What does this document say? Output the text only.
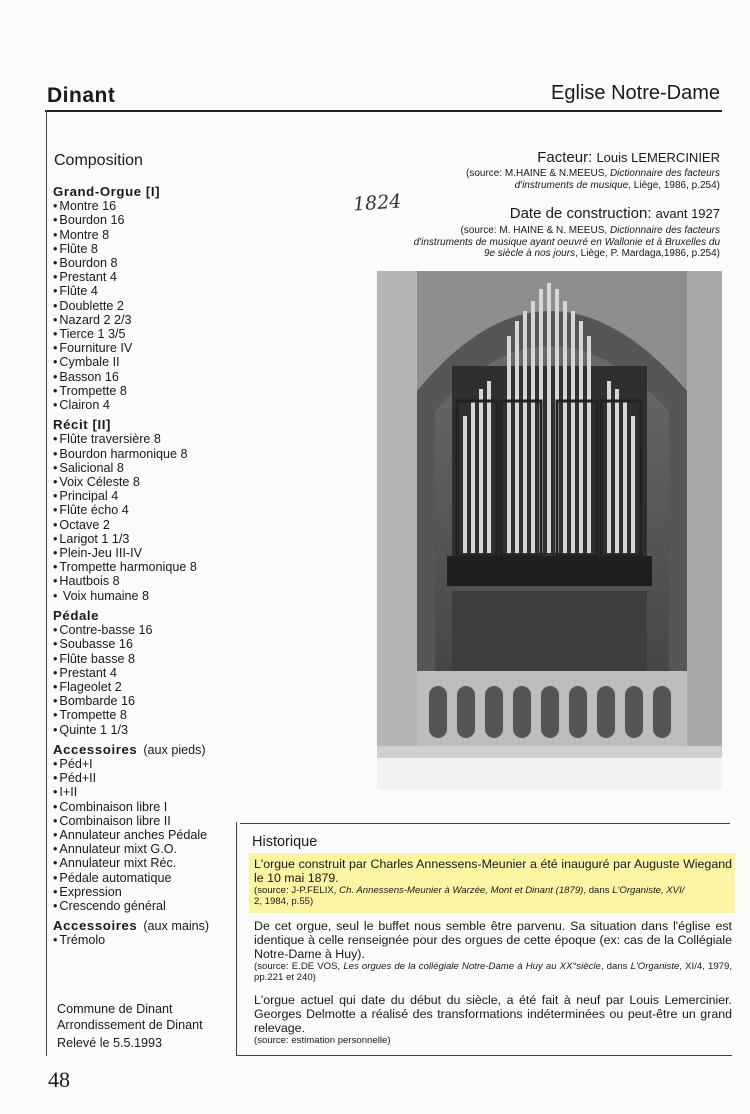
Dinant	Eglise Notre-Dame
Composition
Grand-Orgue [I]
• Montre 16
• Bourdon 16
• Montre 8
• Flûte 8
• Bourdon 8
• Prestant 4
• Flûte 4
• Doublette 2
• Nazard 2 2/3
• Tierce 1 3/5
• Fourniture IV
• Cymbale II
• Basson 16
• Trompette 8
• Clairon 4
Récit [II]
• Flûte traversière 8
• Bourdon harmonique 8
• Salicional 8
• Voix Céleste 8
• Principal 4
• Flûte écho 4
• Octave 2
• Larigot 1 1/3
• Plein-Jeu III-IV
• Trompette harmonique 8
• Hautbois 8
• Voix humaine 8
Pédale
• Contre-basse 16
• Soubasse 16
• Flûte basse 8
• Prestant 4
• Flageolet 2
• Bombarde 16
• Trompette 8
• Quinte 1 1/3
Accessoires (aux pieds)
• Péd+I
• Péd+II
• I+II
• Combinaison libre I
• Combinaison libre II
• Annulateur anches Pédale
• Annulateur mixt G.O.
• Annulateur mixt Réc.
• Pédale automatique
• Expression
• Crescendo général
Accessoires (aux mains)
• Trémolo
Commune de Dinant
Arrondissement de Dinant
Relevé le 5.5.1993
48
Facteur: Louis LEMERCINIER
(source: M.HAINE & N.MEEUS, Dictionnaire des facteurs
d'instruments de musique, Liège, 1986, p.254)
Date de construction: avant 1927
(source: M. HAINE & N. MEEUS, Dictionnaire des facteurs
d'instruments de musique ayant oeuvré en Wallonie et à Bruxelles du
9e siècle à nos jours, Liège, P. Mardaga,1986, p.254)
1824
Historique
L'orgue construit par Charles Annessens-Meunier a été inauguré par Auguste Wiegand le 10 mai 1879.
(source: J-P.FELIX, Ch. Annessens-Meunier à Warzée, Mont et Dinant (1879), dans L'Organiste, XVI/
2, 1984, p.55)
De cet orgue, seul le buffet nous semble être parvenu. Sa situation dans l'église est identique à celle renseignée pour des orgues de cette époque (ex: cas de la Collégiale Notre-Dame à Huy).
(source: E.DE VOS, Les orgues de la collégiale Notre-Dame à Huy au XX°siècle, dans L'Organiste, XI/4, 1979, pp.221 et 240)
L'orgue actuel qui date du début du siècle, a été fait à neuf par Louis Lemercinier. Georges Delmotte a réalisé des transformations indéterminées ou peut-être un grand relevage.
(source: estimation personnelle)
